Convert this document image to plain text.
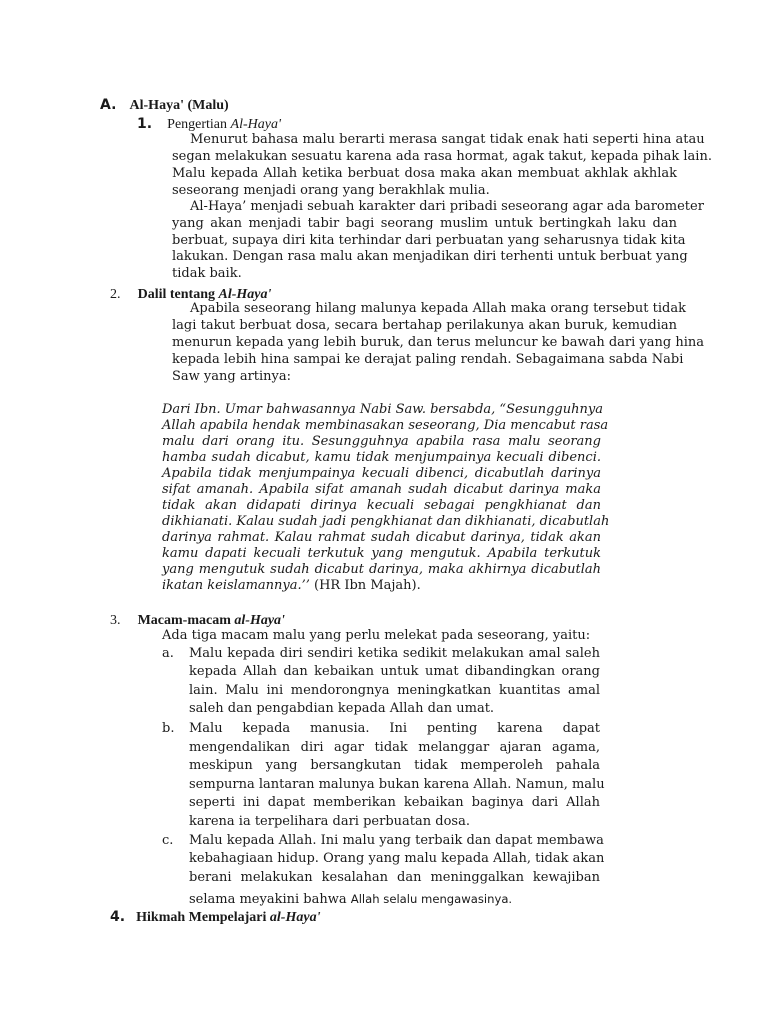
A. Al-Haya' (Malu)
1. Pengertian Al-Haya'
Menurut bahasa malu berarti merasa sangat tidak enak hati seperti hina atau
segan melakukan sesuatu karena ada rasa hormat, agak takut, kepada pihak lain.
Malu kepada Allah ketika berbuat dosa maka akan membuat akhlak akhlak
seseorang menjadi orang yang berakhlak mulia.
Al-Haya’ menjadi sebuah karakter dari pribadi seseorang agar ada barometer
yang akan menjadi tabir bagi seorang muslim untuk bertingkah laku dan
berbuat, supaya diri kita terhindar dari perbuatan yang seharusnya tidak kita
lakukan. Dengan rasa malu akan menjadikan diri terhenti untuk berbuat yang
tidak baik.
2. Dalil tentang Al-Haya'
Apabila seseorang hilang malunya kepada Allah maka orang tersebut tidak
lagi takut berbuat dosa, secara bertahap perilakunya akan buruk, kemudian
menurun kepada yang lebih buruk, dan terus meluncur ke bawah dari yang hina
kepada lebih hina sampai ke derajat paling rendah. Sebagaimana sabda Nabi
Saw yang artinya:
Dari Ibn. Umar bahwasannya Nabi Saw. bersabda, “Sesungguhnya
Allah apabila hendak membinasakan seseorang, Dia mencabut rasa
malu dari orang itu. Sesungguhnya apabila rasa malu seorang
hamba sudah dicabut, kamu tidak menjumpainya kecuali dibenci.
Apabila tidak menjumpainya kecuali dibenci, dicabutlah darinya
sifat amanah. Apabila sifat amanah sudah dicabut darinya maka
tidak akan didapati dirinya kecuali sebagai pengkhianat dan
dikhianati. Kalau sudah jadi pengkhianat dan dikhianati, dicabutlah
darinya rahmat. Kalau rahmat sudah dicabut darinya, tidak akan
kamu dapati kecuali terkutuk yang mengutuk. Apabila terkutuk
yang mengutuk sudah dicabut darinya, maka akhirnya dicabutlah
ikatan keislamannya.’’ (HR Ibn Majah).
3. Macam-macam al-Haya'
Ada tiga macam malu yang perlu melekat pada seseorang, yaitu:
a. Malu kepada diri sendiri ketika sedikit melakukan amal saleh
kepada Allah dan kebaikan untuk umat dibandingkan orang
lain. Malu ini mendorongnya meningkatkan kuantitas amal
saleh dan pengabdian kepada Allah dan umat.
b. Malu kepada manusia. Ini penting karena dapat
mengendalikan diri agar tidak melanggar ajaran agama,
meskipun yang bersangkutan tidak memperoleh pahala
sempurna lantaran malunya bukan karena Allah. Namun, malu
seperti ini dapat memberikan kebaikan baginya dari Allah
karena ia terpelihara dari perbuatan dosa.
c. Malu kepada Allah. Ini malu yang terbaik dan dapat membawa
kebahagiaan hidup. Orang yang malu kepada Allah, tidak akan
berani melakukan kesalahan dan meninggalkan kewajiban
selama meyakini bahwa Allah selalu mengawasinya.
4. Hikmah Mempelajari al-Haya'
